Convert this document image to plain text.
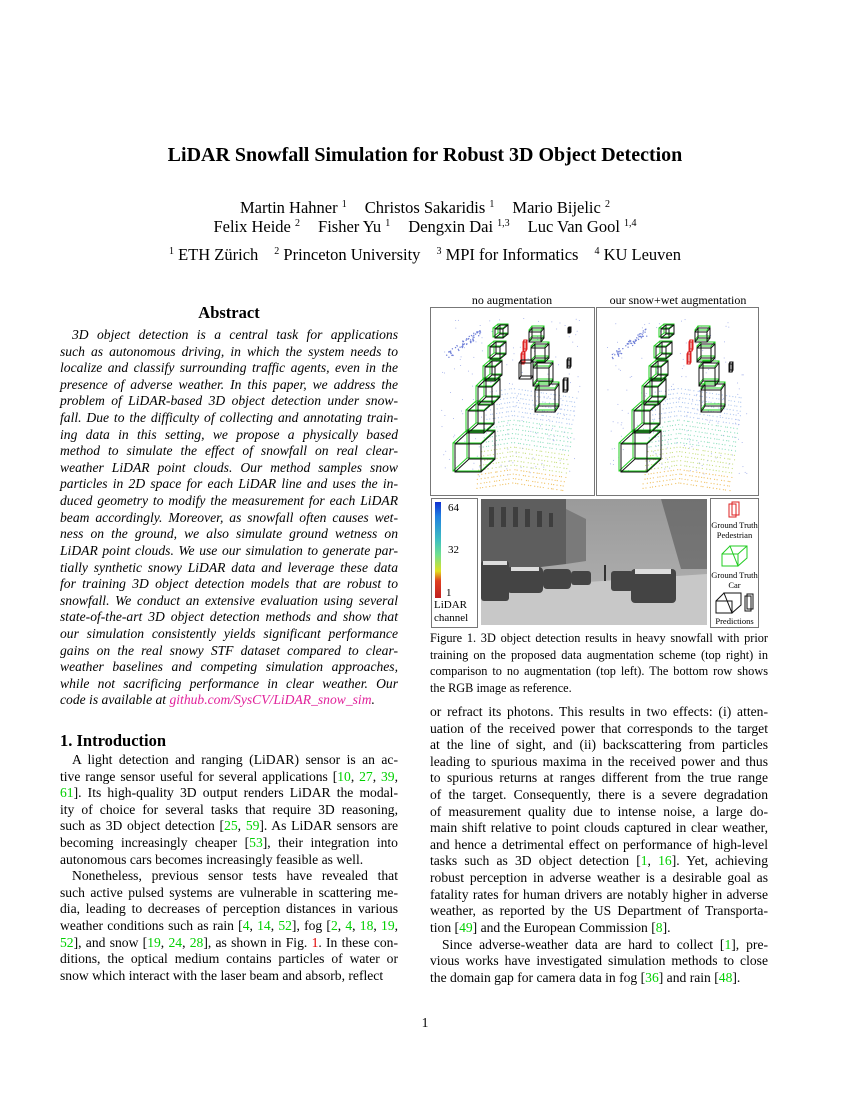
LiDAR Snowfall Simulation for Robust 3D Object Detection
Martin Hahner $^1$ Christos Sakaridis $^1$ Mario Bijelic $^2$
Felix Heide $^2$ Fisher Yu $^1$ Dengxin Dai $^{1,3}$ Luc Van Gool $^{1,4}$
$^1$ ETH Zürich $^2$ Princeton University $^3$ MPI for Informatics $^4$ KU Leuven
Abstract
3D object detection is a central task for applications
such as autonomous driving, in which the system needs to
localize and classify surrounding traffic agents, even in the
presence of adverse weather. In this paper, we address the
problem of LiDAR-based 3D object detection under snow-
fall. Due to the difficulty of collecting and annotating train-
ing data in this setting, we propose a physically based
method to simulate the effect of snowfall on real clear-
weather LiDAR point clouds. Our method samples snow
particles in 2D space for each LiDAR line and uses the in-
duced geometry to modify the measurement for each LiDAR
beam accordingly. Moreover, as snowfall often causes wet-
ness on the ground, we also simulate ground wetness on
LiDAR point clouds. We use our simulation to generate par-
tially synthetic snowy LiDAR data and leverage these data
for training 3D object detection models that are robust to
snowfall. We conduct an extensive evaluation using several
state-of-the-art 3D object detection methods and show that
our simulation consistently yields significant performance
gains on the real snowy STF dataset compared to clear-
weather baselines and competing simulation approaches,
while not sacrificing performance in clear weather. Our
code is available at github.com/SysCV/LiDAR_snow_sim.
1. Introduction
A light detection and ranging (LiDAR) sensor is an ac-
tive range sensor useful for several applications [10, 27, 39,
61]. Its high-quality 3D output renders LiDAR the modal-
ity of choice for several tasks that require 3D reasoning,
such as 3D object detection [25, 59]. As LiDAR sensors are
becoming increasingly cheaper [53], their integration into
autonomous cars becomes increasingly feasible as well.
Nonetheless, previous sensor tests have revealed that
such active pulsed systems are vulnerable in scattering me-
dia, leading to decreases of perception distances in various
weather conditions such as rain [4, 14, 52], fog [2, 4, 18, 19,
52], and snow [19, 24, 28], as shown in Fig. 1. In these con-
ditions, the optical medium contains particles of water or
snow which interact with the laser beam and absorb, reflect
or refract its photons. This results in two effects: (i) atten-
uation of the received power that corresponds to the target
at the line of sight, and (ii) backscattering from particles
leading to spurious maxima in the received power and thus
to spurious returns at ranges different from the true range
of the target. Consequently, there is a severe degradation
of measurement quality due to intense noise, a large do-
main shift relative to point clouds captured in clear weather,
and hence a detrimental effect on performance of high-level
tasks such as 3D object detection [1, 16]. Yet, achieving
robust perception in adverse weather is a desirable goal as
fatality rates for human drivers are notably higher in adverse
weather, as reported by the US Department of Transporta-
tion [49] and the European Commission [8].
Since adverse-weather data are hard to collect [1], pre-
vious works have investigated simulation methods to close
the domain gap for camera data in fog [36] and rain [48].
no augmentation	our snow+wet augmentation
64
32
1
LiDAR
channel
Ground Truth
Pedestrian
Ground Truth
Car
Predictions
Figure 1. 3D object detection results in heavy snowfall with prior
training on the proposed data augmentation scheme (top right) in
comparison to no augmentation (top left). The bottom row shows
the RGB image as reference.
1
